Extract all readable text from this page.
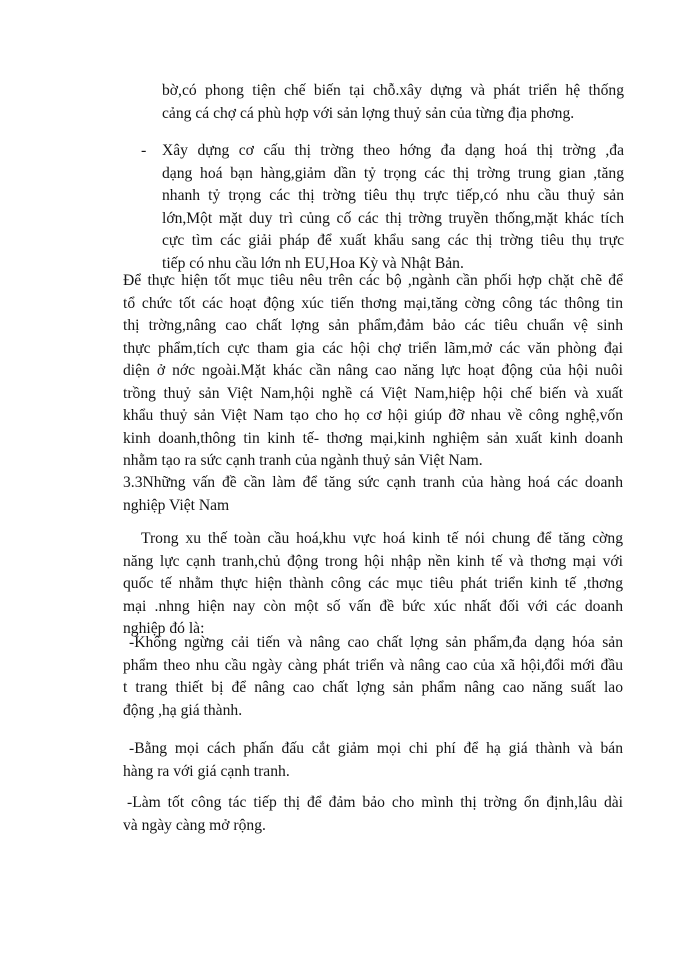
bờ,có phong tiện chế biến tại chỗ.xây dựng và phát triển hệ thống
cảng cá chợ cá phù hợp với sản lợng thuỷ sản của từng địa phơng.
- Xây dựng cơ cấu thị trờng theo hớng đa dạng hoá thị trờng ,đa
dạng hoá bạn hàng,giảm dần tỷ trọng các thị trờng trung gian ,tăng
nhanh tỷ trọng các thị trờng tiêu thụ trực tiếp,có nhu cầu thuỷ sản
lớn,Một mặt duy trì củng cố các thị trờng truyền thống,mặt khác tích
cực tìm các giải pháp để xuất khẩu sang các thị trờng tiêu thụ trực
tiếp có nhu cầu lớn nh EU,Hoa Kỳ và Nhật Bản.
Để thực hiện tốt mục tiêu nêu trên các bộ ,ngành cần phối hợp chặt chẽ để
tổ chức tốt các hoạt động xúc tiến thơng mại,tăng cờng công tác thông tin
thị trờng,nâng cao chất lợng sản phẩm,đảm bảo các tiêu chuẩn vệ sinh
thực phẩm,tích cực tham gia các hội chợ triển lãm,mở các văn phòng đại
diện ở nớc ngoài.Mặt khác cần nâng cao năng lực hoạt động của hội nuôi
trồng thuỷ sản Việt Nam,hội nghề cá Việt Nam,hiệp hội chế biến và xuất
khẩu thuỷ sản Việt Nam tạo cho họ cơ hội giúp đỡ nhau về công nghệ,vốn
kinh doanh,thông tin kinh tế- thơng mại,kinh nghiệm sản xuất kinh doanh
nhằm tạo ra sức cạnh tranh của ngành thuỷ sản Việt Nam.
3.3Những vấn đề cần làm để tăng sức cạnh tranh của hàng hoá các doanh
nghiệp Việt Nam
Trong xu thế toàn cầu hoá,khu vực hoá kinh tế nói chung để tăng cờng
năng lực cạnh tranh,chủ động trong hội nhập nền kinh tế và thơng mại với
quốc tế nhằm thực hiện thành công các mục tiêu phát triển kinh tế ,thơng
mại .nhng hiện nay còn một số vấn đề bức xúc nhất đối với các doanh
nghiệp đó là:
-Không ngừng cải tiến và nâng cao chất lợng sản phẩm,đa dạng hóa sản
phẩm theo nhu cầu ngày càng phát triển và nâng cao của xã hội,đổi mới đầu
t trang thiết bị để nâng cao chất lợng sản phẩm nâng cao năng suất lao
động ,hạ giá thành.
-Bằng mọi cách phấn đấu cắt giảm mọi chi phí để hạ giá thành và bán
hàng ra với giá cạnh tranh.
-Làm tốt công tác tiếp thị để đảm bảo cho mình thị trờng ổn định,lâu dài
và ngày càng mở rộng.
